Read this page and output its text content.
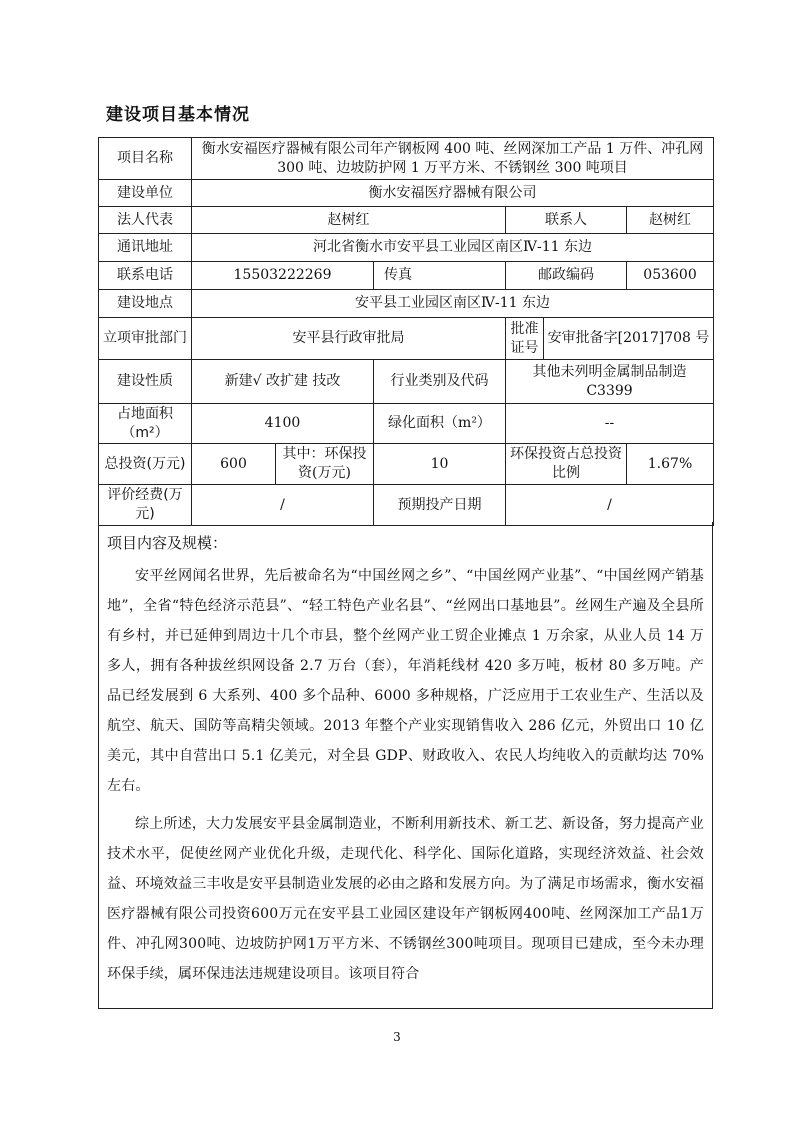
建设项目基本情况
项目名称	衡水安福医疗器械有限公司年产钢板网 400 吨、丝网深加工产品 1 万件、冲孔网 300 吨、边坡防护网 1 万平方米、不锈钢丝 300 吨项目					
建设单位	衡水安福医疗器械有限公司					
法人代表	赵树红			联系人		赵树红
通讯地址	河北省衡水市安平县工业园区南区Ⅳ-11 东边					
联系电话	15503222269		传真	邮政编码		053600
建设地点	安平县工业园区南区Ⅳ-11 东边					
立项审批部门	安平县行政审批局			批准证号	安审批备字[2017]708 号	
建设性质	新建√ 改扩建 技改		行业类别及代码	其他未列明金属制品制造 C3399		
占地面积（m²）	4100		绿化面积（m²）	--		
总投资(万元)	600	其中：环保投资(万元)	10	环保投资占总投资比例		1.67%
评价经费(万元)	/		预期投产日期	/		
项目内容及规模：

安平丝网闻名世界，先后被命名为“中国丝网之乡”、“中国丝网产业基”、“中国丝网产销基地”，全省“特色经济示范县”、“轻工特色产业名县”、“丝网出口基地县”。丝网生产遍及全县所有乡村，并已延伸到周边十几个市县，整个丝网产业工贸企业摊点 1 万余家，从业人员 14 万多人，拥有各种拔丝织网设备 2.7 万台（套），年消耗线材 420 多万吨，板材 80 多万吨。产品已经发展到 6 大系列、400 多个品种、6000 多种规格，广泛应用于工农业生产、生活以及航空、航天、国防等高精尖领域。2013 年整个产业实现销售收入 286 亿元，外贸出口 10 亿美元，其中自营出口 5.1 亿美元，对全县 GDP、财政收入、农民人均纯收入的贡献均达 70%左右。

综上所述，大力发展安平县金属制造业，不断利用新技术、新工艺、新设备，努力提高产业技术水平，促使丝网产业优化升级，走现代化、科学化、国际化道路，实现经济效益、社会效益、环境效益三丰收是安平县制造业发展的必由之路和发展方向。为了满足市场需求，衡水安福医疗器械有限公司投资600万元在安平县工业园区建设年产钢板网400吨、丝网深加工产品1万件、冲孔网300吨、边坡防护网1万平方米、不锈钢丝300吨项目。现项目已建成，至今未办理环保手续，属环保违法违规建设项目。该项目符合

3
